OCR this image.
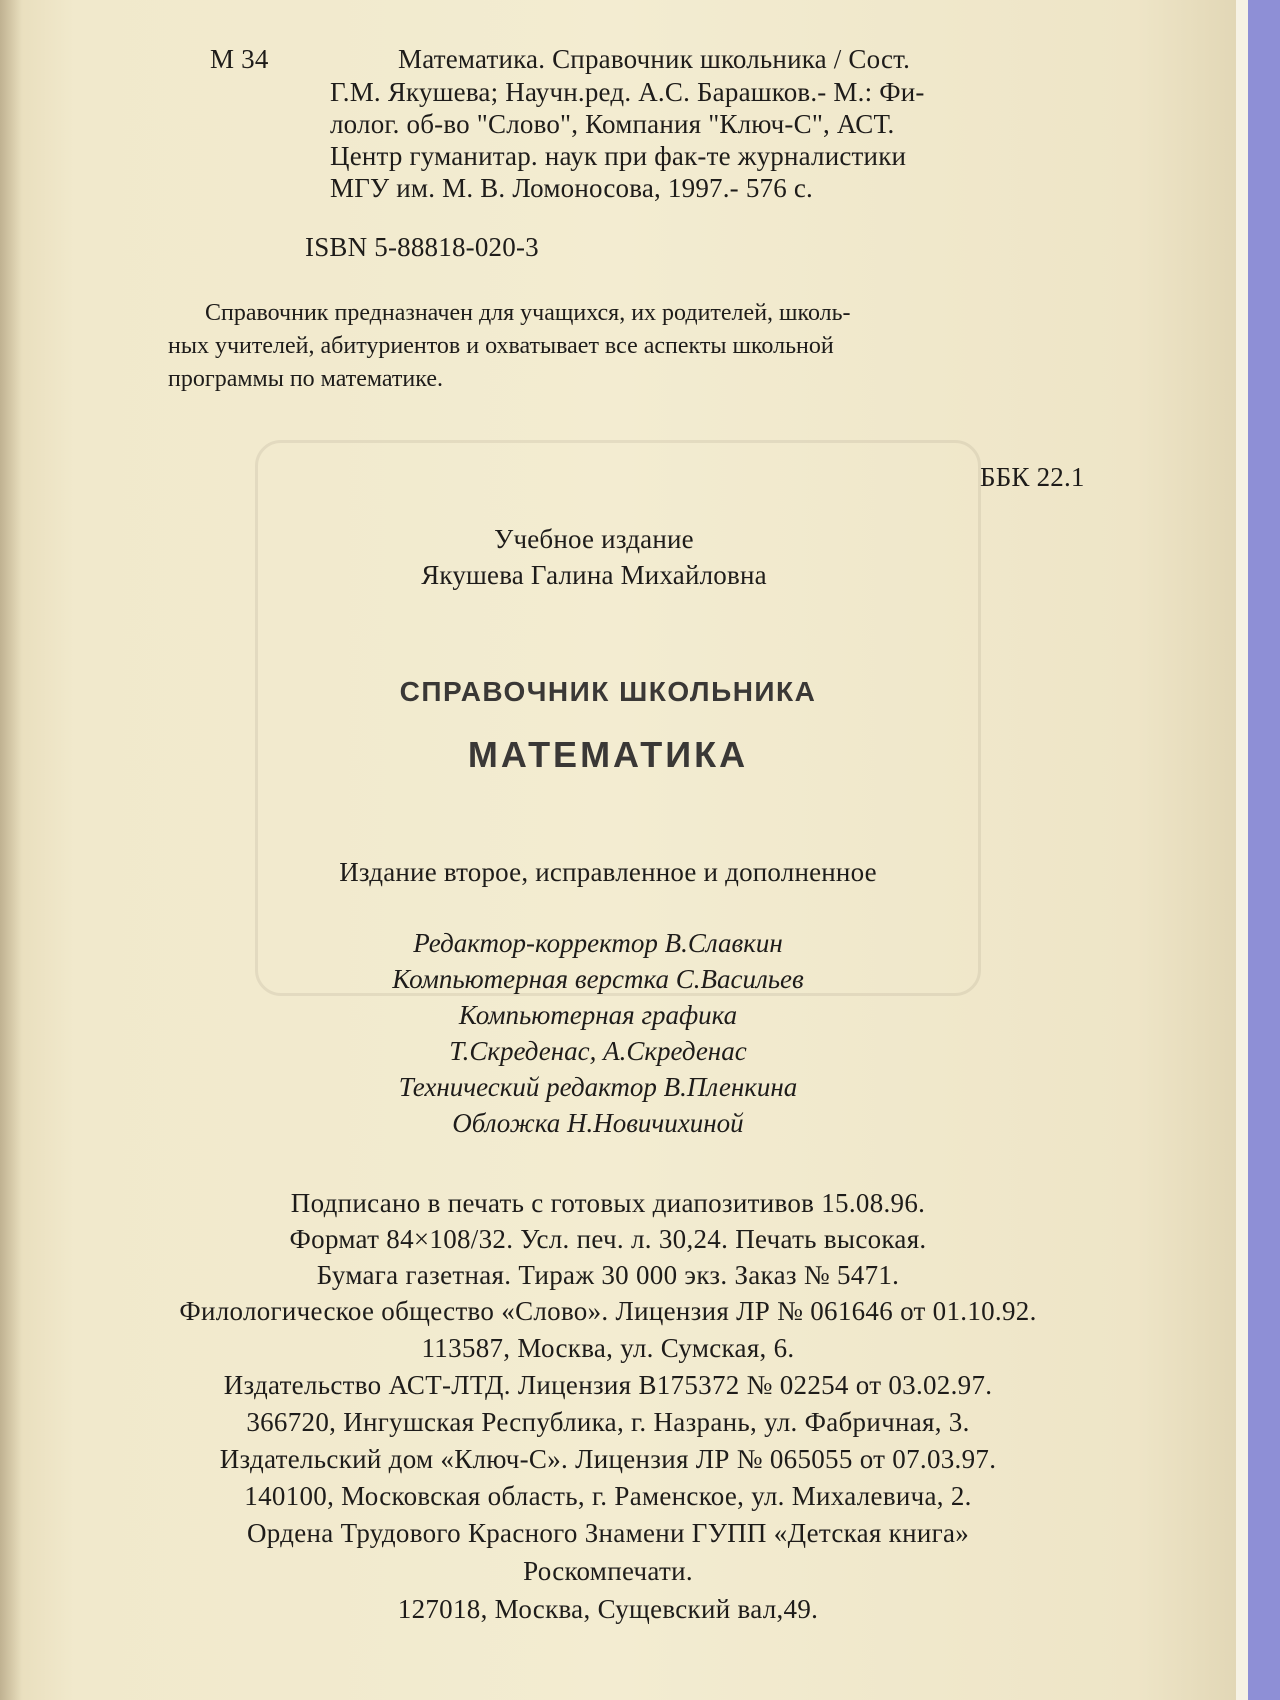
М 34	Математика. Справочник школьника / Сост.

Г.М. Якушева; Научн.ред. А.С. Барашков.- М.: Фи-

лолог. об-во "Слово", Компания "Ключ-С", АСТ.

Центр гуманитар. наук при фак-те журналистики

МГУ им. М. В. Ломоносова, 1997.- 576 с.

ISBN 5-88818-020-3

Справочник предназначен для учащихся, их родителей, школь-

ных учителей, абитуриентов и охватывает все аспекты школьной

программы по математике.

ББК 22.1

Учебное издание

Якушева Галина Михайловна

СПРАВОЧНИК ШКОЛЬНИКА

МАТЕМАТИКА

Издание второе, исправленное и дополненное

Редактор-корректор В.Славкин

Компьютерная верстка С.Васильев

Компьютерная графика

Т.Скреденас, А.Скреденас

Технический редактор В.Пленкина

Обложка Н.Новичихиной

Подписано в печать с готовых диапозитивов 15.08.96.

Формат 84×108/32. Усл. печ. л. 30,24. Печать высокая.

Бумага газетная. Тираж 30 000 экз. Заказ № 5471.

Филологическое общество «Слово». Лицензия ЛР № 061646 от 01.10.92.

113587, Москва, ул. Сумская, 6.

Издательство АСТ-ЛТД. Лицензия В175372 № 02254 от 03.02.97.

366720, Ингушская Республика, г. Назрань, ул. Фабричная, 3.

Издательский дом «Ключ-С». Лицензия ЛР № 065055 от 07.03.97.

140100, Московская область, г. Раменское, ул. Михалевича, 2.

Ордена Трудового Красного Знамени ГУПП «Детская книга»

Роскомпечати.

127018, Москва, Сущевский вал,49.
